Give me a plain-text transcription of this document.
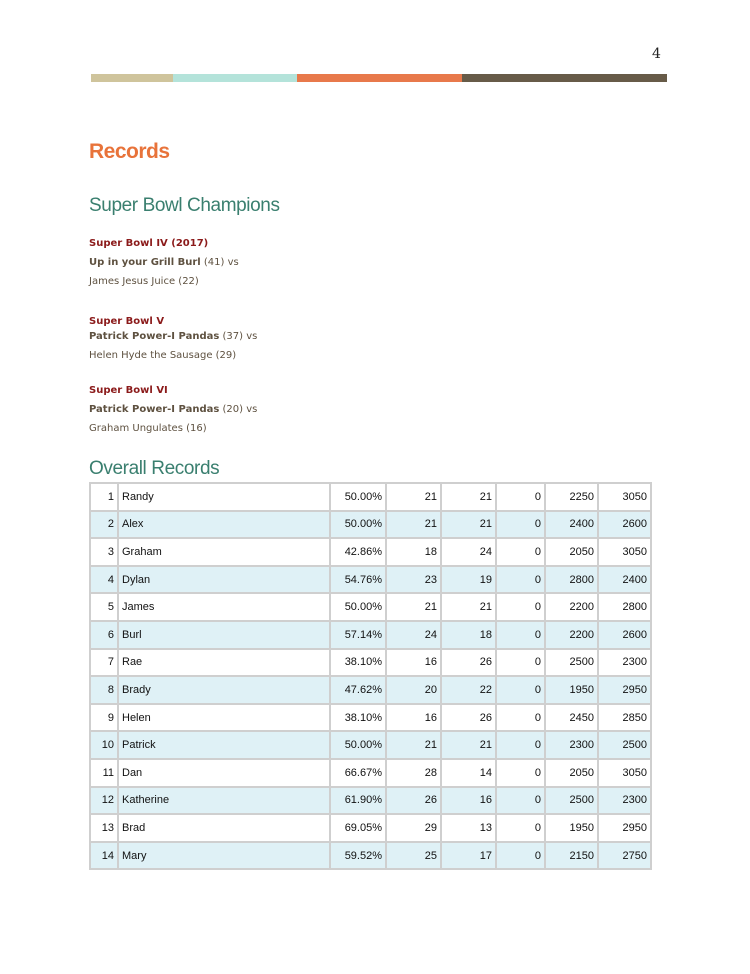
4
Records
Super Bowl Champions
Super Bowl IV (2017)
Up in your Grill Burl (41) vs
James Jesus Juice (22)
Super Bowl V
Patrick Power-I Pandas (37) vs
Helen Hyde the Sausage (29)
Super Bowl VI
Patrick Power-I Pandas (20) vs
Graham Ungulates (16)
Overall Records
1	Randy	50.00%	21	21	0	2250	3050
2	Alex	50.00%	21	21	0	2400	2600
3	Graham	42.86%	18	24	0	2050	3050
4	Dylan	54.76%	23	19	0	2800	2400
5	James	50.00%	21	21	0	2200	2800
6	Burl	57.14%	24	18	0	2200	2600
7	Rae	38.10%	16	26	0	2500	2300
8	Brady	47.62%	20	22	0	1950	2950
9	Helen	38.10%	16	26	0	2450	2850
10	Patrick	50.00%	21	21	0	2300	2500
11	Dan	66.67%	28	14	0	2050	3050
12	Katherine	61.90%	26	16	0	2500	2300
13	Brad	69.05%	29	13	0	1950	2950
14	Mary	59.52%	25	17	0	2150	2750
